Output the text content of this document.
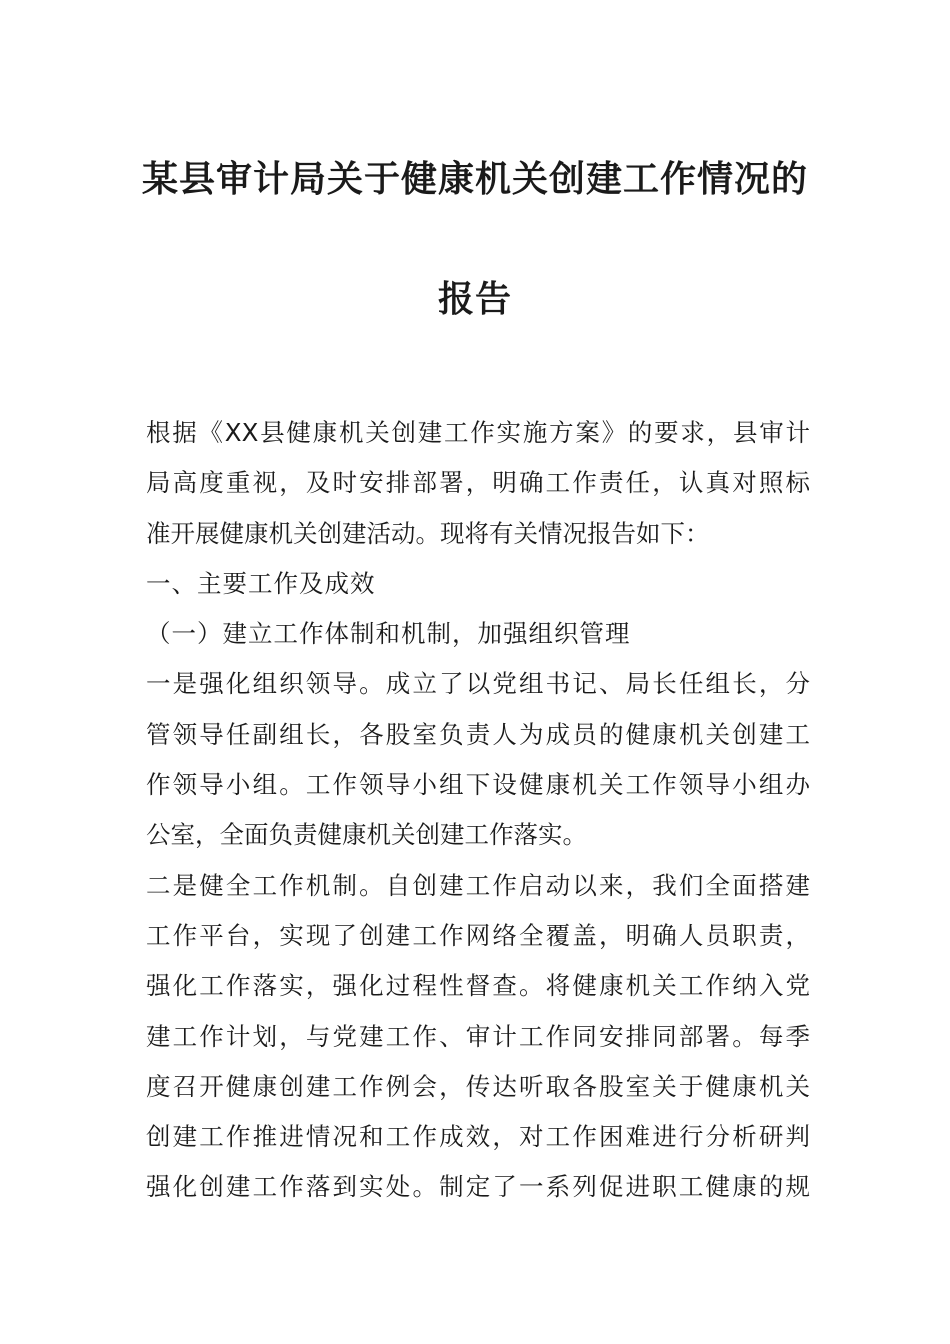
某县审计局关于健康机关创建工作情况的
报告
根据《XX县健康机关创建工作实施方案》的要求，县审计
局高度重视，及时安排部署，明确工作责任，认真对照标
准开展健康机关创建活动。现将有关情况报告如下：
一、主要工作及成效
（一）建立工作体制和机制，加强组织管理
一是强化组织领导。成立了以党组书记、局长任组长，分
管领导任副组长，各股室负责人为成员的健康机关创建工
作领导小组。工作领导小组下设健康机关工作领导小组办
公室，全面负责健康机关创建工作落实。
二是健全工作机制。自创建工作启动以来，我们全面搭建
工作平台，实现了创建工作网络全覆盖，明确人员职责，
强化工作落实，强化过程性督查。将健康机关工作纳入党
建工作计划，与党建工作、审计工作同安排同部署。每季
度召开健康创建工作例会，传达听取各股室关于健康机关
创建工作推进情况和工作成效，对工作困难进行分析研判
强化创建工作落到实处。制定了一系列促进职工健康的规
